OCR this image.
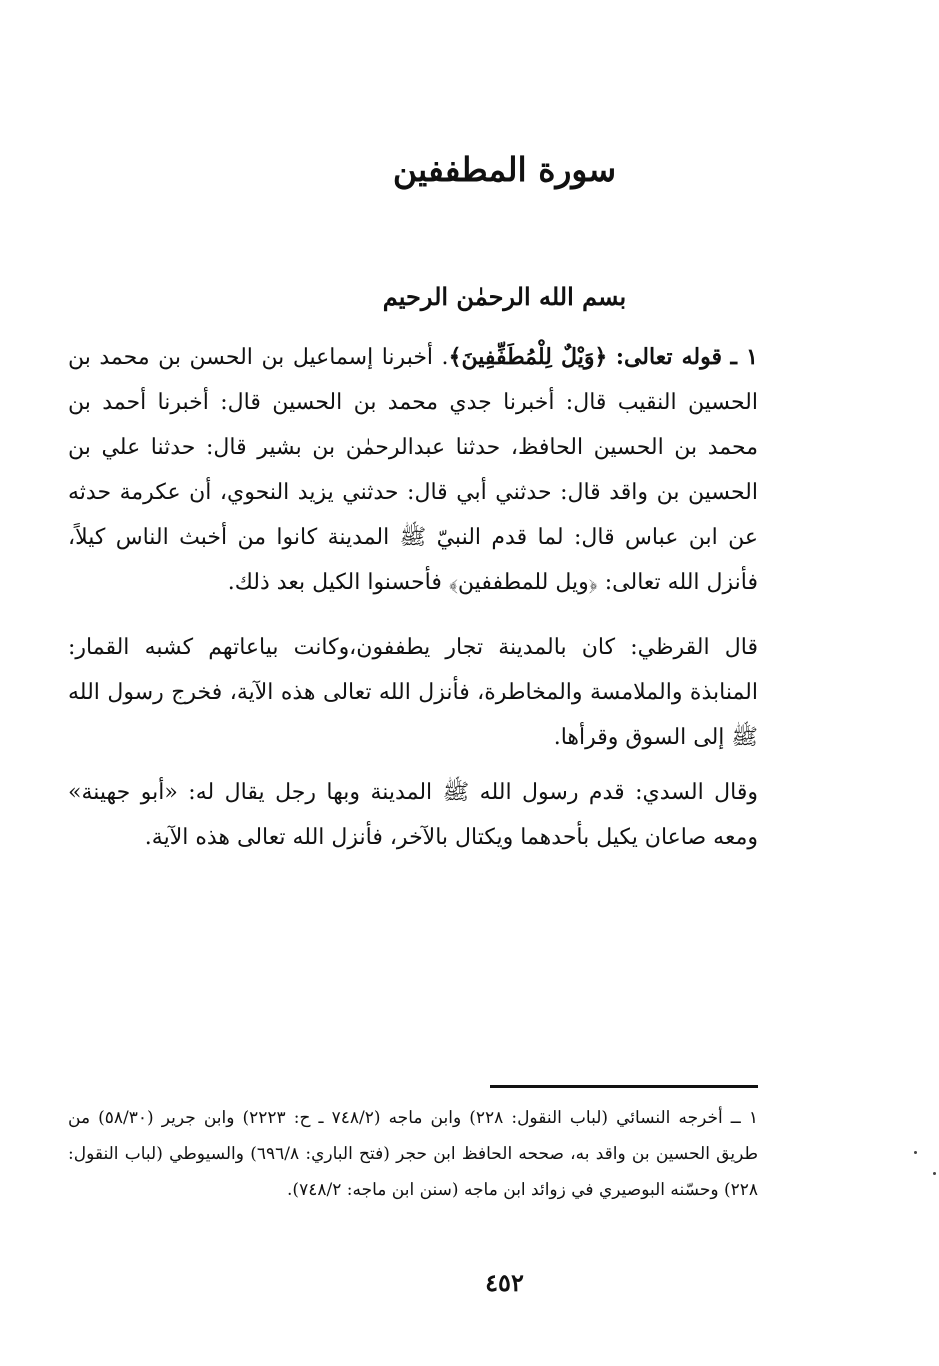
سورة المطففين
بسم الله الرحمٰن الرحيم

١ ـ قوله تعالى: ﴿وَيْلٌ لِلْمُطَفِّفِينَ﴾. أخبرنا إسماعيل بن الحسن بن محمد بن الحسين النقيب قال: أخبرنا جدي محمد بن الحسين قال: أخبرنا أحمد بن محمد بن الحسين الحافظ، حدثنا عبدالرحمٰن بن بشير قال: حدثنا علي بن الحسين بن واقد قال: حدثني أبي قال: حدثني يزيد النحوي، أن عكرمة حدثه عن ابن عباس قال: لما قدم النبيّ ﷺ المدينة كانوا من أخبث الناس كيلاً، فأنزل الله تعالى: ﴿ويل للمطففين﴾ فأحسنوا الكيل بعد ذلك.

قال القرظي: كان بالمدينة تجار يطففون،وكانت بياعاتهم كشبه القمار: المنابذة والملامسة والمخاطرة، فأنزل الله تعالى هذه الآية، فخرج رسول الله ﷺ إلى السوق وقرأها.

وقال السدي: قدم رسول الله ﷺ المدينة وبها رجل يقال له: «أبو جهينة» ومعه صاعان يكيل بأحدهما ويكتال بالآخر، فأنزل الله تعالى هذه الآية.

١ ــ أخرجه النسائي (لباب النقول: ٢٢٨) وابن ماجه (٧٤٨/٢ ـ ح: ٢٢٢٣) وابن جرير (٥٨/٣٠) من طريق الحسين بن واقد به، صححه الحافظ ابن حجر (فتح الباري: ٦٩٦/٨) والسيوطي (لباب النقول: ٢٢٨) وحسّنه البوصيري في زوائد ابن ماجه (سنن ابن ماجه: ٧٤٨/٢).

٤٥٢
